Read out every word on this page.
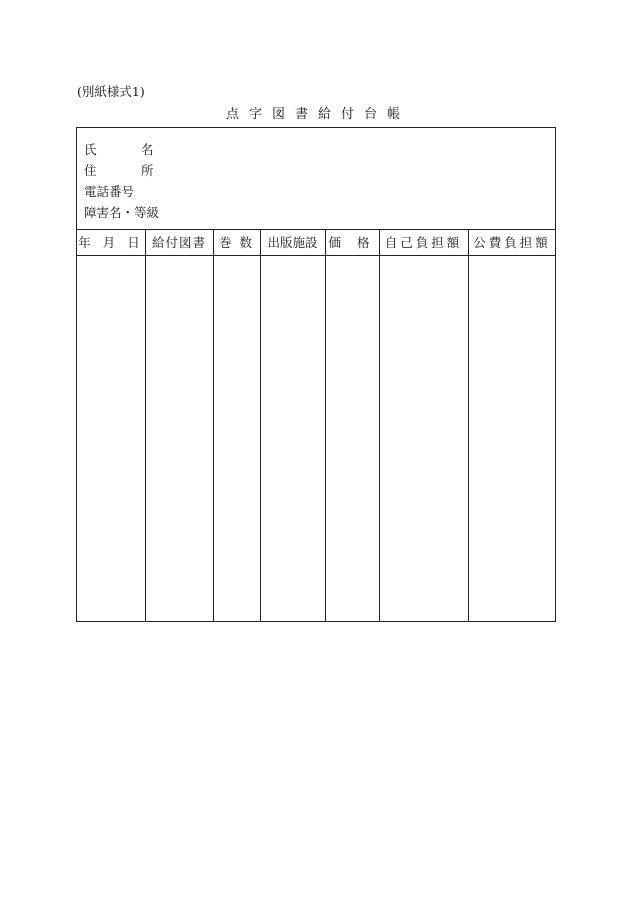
(別紙様式1)
点字図書給付台帳
氏　名
住　所
電話番号
障害名・等級
年 月 日 給付図書	巻 数	出版施設 価 格 自己負担額 公費負担額
